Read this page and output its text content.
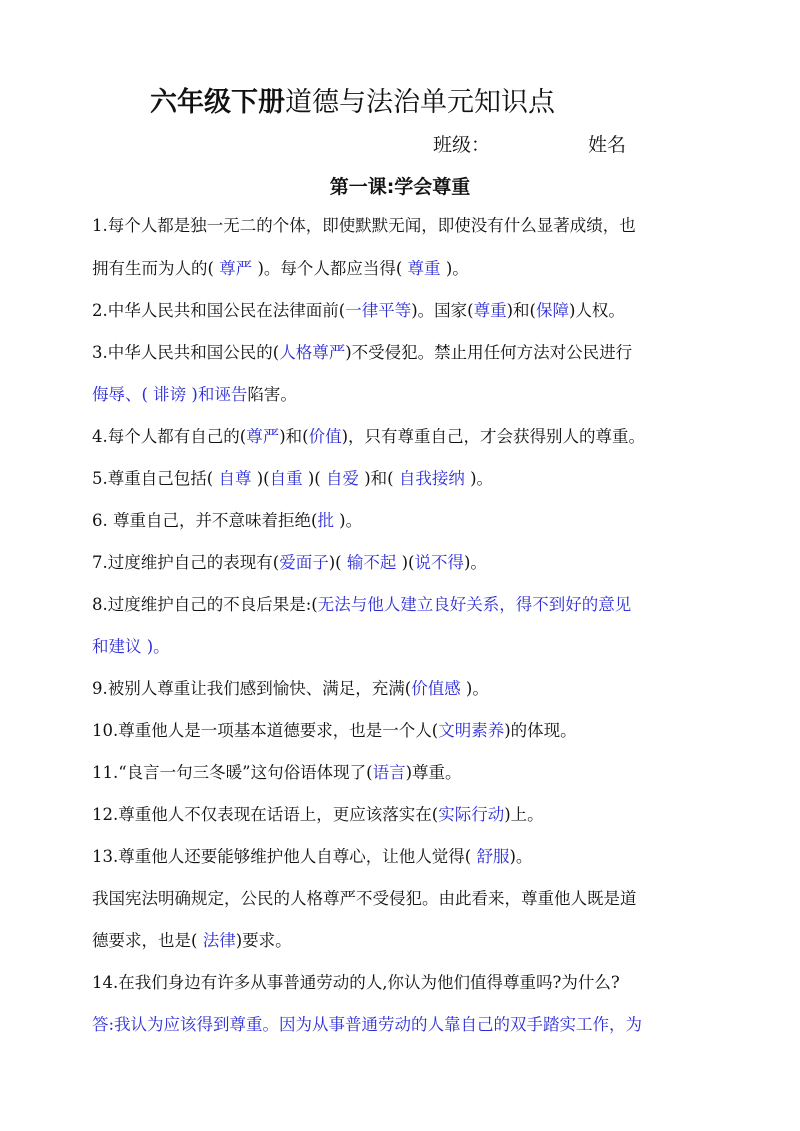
六年级下册道德与法治单元知识点
班级：	姓名
第一课:学会尊重
1.每个人都是独一无二的个体，即使默默无闻，即使没有什么显著成绩，也
拥有生而为人的( 尊严 )。每个人都应当得( 尊重 )。
2.中华人民共和国公民在法律面前(一律平等)。国家(尊重)和(保障)人权。
3.中华人民共和国公民的(人格尊严)不受侵犯。禁止用任何方法对公民进行
侮辱、( 诽谤 )和诬告陷害。
4.每个人都有自己的(尊严)和(价值)，只有尊重自己，才会获得别人的尊重。
5.尊重自己包括( 自尊 )(自重 )( 自爱 )和( 自我接纳 )。
6. 尊重自己，并不意味着拒绝(批 )。
7.过度维护自己的表现有(爱面子)( 输不起 )(说不得)。
8.过度维护自己的不良后果是:(无法与他人建立良好关系，得不到好的意见
和建议 )。
9.被别人尊重让我们感到愉快、满足，充满(价值感 )。
10.尊重他人是一项基本道德要求，也是一个人(文明素养)的体现。
11.“良言一句三冬暖”这句俗语体现了(语言)尊重。
12.尊重他人不仅表现在话语上，更应该落实在(实际行动)上。
13.尊重他人还要能够维护他人自尊心，让他人觉得( 舒服)。
我国宪法明确规定，公民的人格尊严不受侵犯。由此看来，尊重他人既是道
德要求，也是( 法律)要求。
14.在我们身边有许多从事普通劳动的人,你认为他们值得尊重吗?为什么?
答:我认为应该得到尊重。因为从事普通劳动的人靠自己的双手踏实工作，为
